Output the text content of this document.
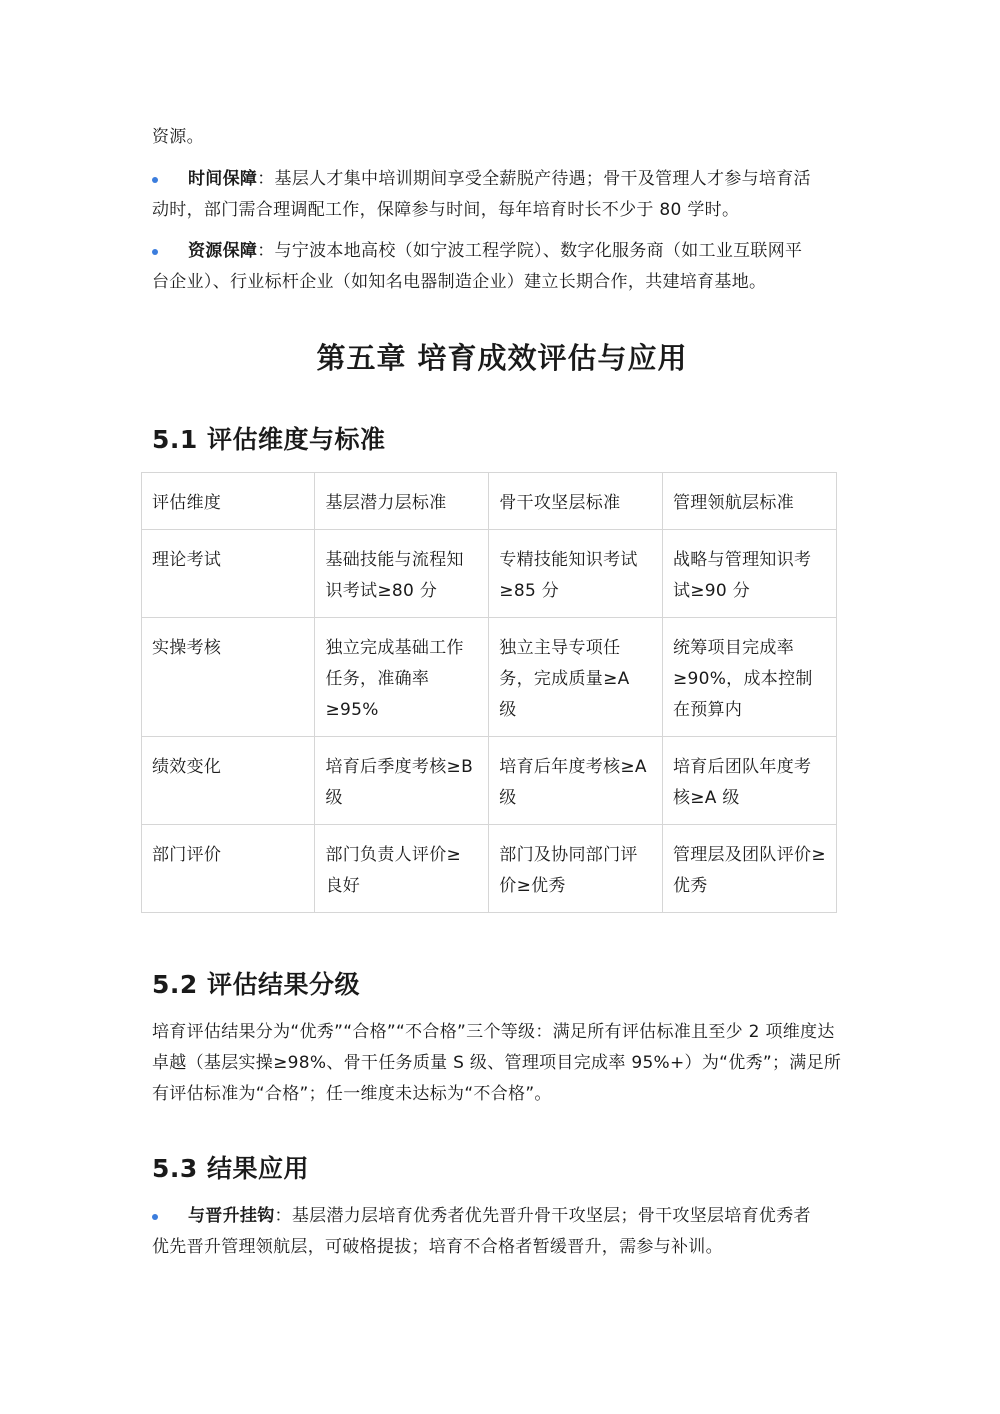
资源。

时间保障：基层人才集中培训期间享受全薪脱产待遇；骨干及管理人才参与培育活
动时，部门需合理调配工作，保障参与时间，每年培育时长不少于 80 学时。
资源保障：与宁波本地高校（如宁波工程学院）、数字化服务商（如工业互联网平
台企业）、行业标杆企业（如知名电器制造企业）建立长期合作，共建培育基地。
第五章 培育成效评估与应用
5.1 评估维度与标准
评估维度	基层潜力层标准	骨干攻坚层标准	管理领航层标准
理论考试	基础技能与流程知识考试≥80 分	专精技能知识考试≥85 分	战略与管理知识考试≥90 分
实操考核	独立完成基础工作任务，准确率≥95%	独立主导专项任务，完成质量≥A 级	统筹项目完成率≥90%，成本控制在预算内
绩效变化	培育后季度考核≥B 级	培育后年度考核≥A 级	培育后团队年度考核≥A 级
部门评价	部门负责人评价≥良好	部门及协同部门评价≥优秀	管理层及团队评价≥优秀
5.2 评估结果分级
培育评估结果分为“优秀”“合格”“不合格”三个等级：满足所有评估标准且至少 2 项维度达
卓越（基层实操≥98%、骨干任务质量 S 级、管理项目完成率 95%+）为“优秀”；满足所
有评估标准为“合格”；任一维度未达标为“不合格”。
5.3 结果应用
与晋升挂钩：基层潜力层培育优秀者优先晋升骨干攻坚层；骨干攻坚层培育优秀者
优先晋升管理领航层，可破格提拔；培育不合格者暂缓晋升，需参与补训。
